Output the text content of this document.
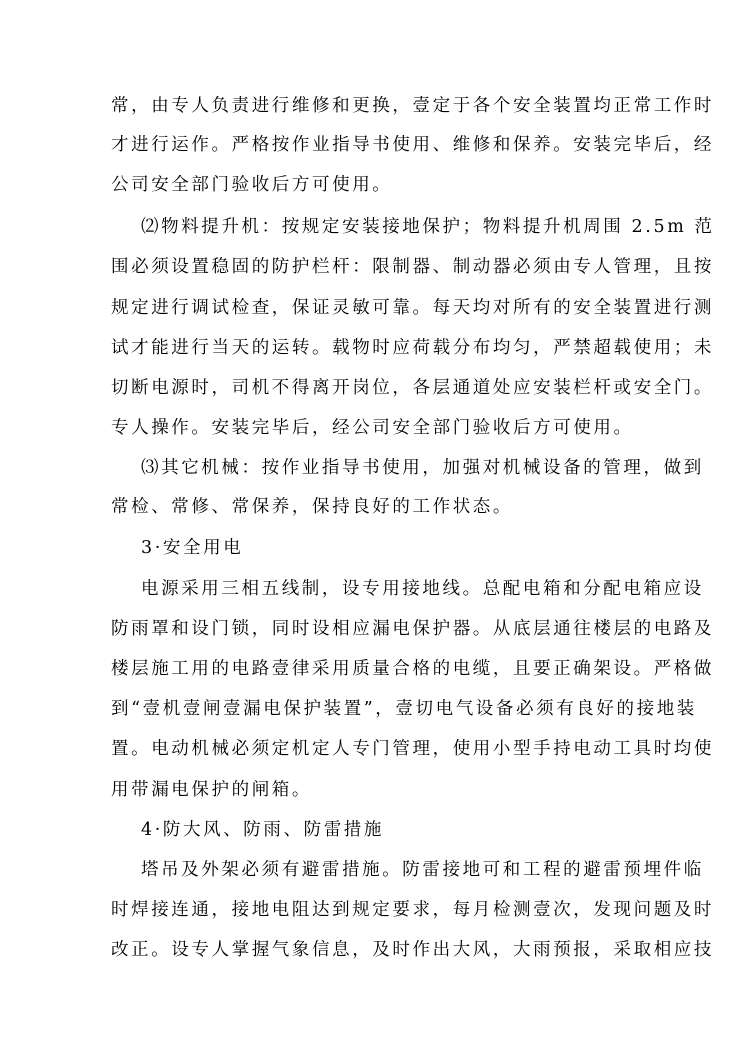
常，由专人负责进行维修和更换，壹定于各个安全装置均正常工作时
才进行运作。严格按作业指导书使用、维修和保养。安装完毕后，经
公司安全部门验收后方可使用。
⑵物料提升机：按规定安装接地保护；物料提升机周围 2.5m 范
围必须设置稳固的防护栏杆：限制器、制动器必须由专人管理，且按
规定进行调试检查，保证灵敏可靠。每天均对所有的安全装置进行测
试才能进行当天的运转。载物时应荷载分布均匀，严禁超载使用；未
切断电源时，司机不得离开岗位，各层通道处应安装栏杆或安全门。
专人操作。安装完毕后，经公司安全部门验收后方可使用。
⑶其它机械：按作业指导书使用，加强对机械设备的管理，做到
常检、常修、常保养，保持良好的工作状态。
3·安全用电
电源采用三相五线制，设专用接地线。总配电箱和分配电箱应设
防雨罩和设门锁，同时设相应漏电保护器。从底层通往楼层的电路及
楼层施工用的电路壹律采用质量合格的电缆，且要正确架设。严格做
到“壹机壹闸壹漏电保护装置”，壹切电气设备必须有良好的接地装
置。电动机械必须定机定人专门管理，使用小型手持电动工具时均使
用带漏电保护的闸箱。
4·防大风、防雨、防雷措施
塔吊及外架必须有避雷措施。防雷接地可和工程的避雷预埋件临
时焊接连通，接地电阻达到规定要求，每月检测壹次，发现问题及时
改正。设专人掌握气象信息，及时作出大风，大雨预报，采取相应技
